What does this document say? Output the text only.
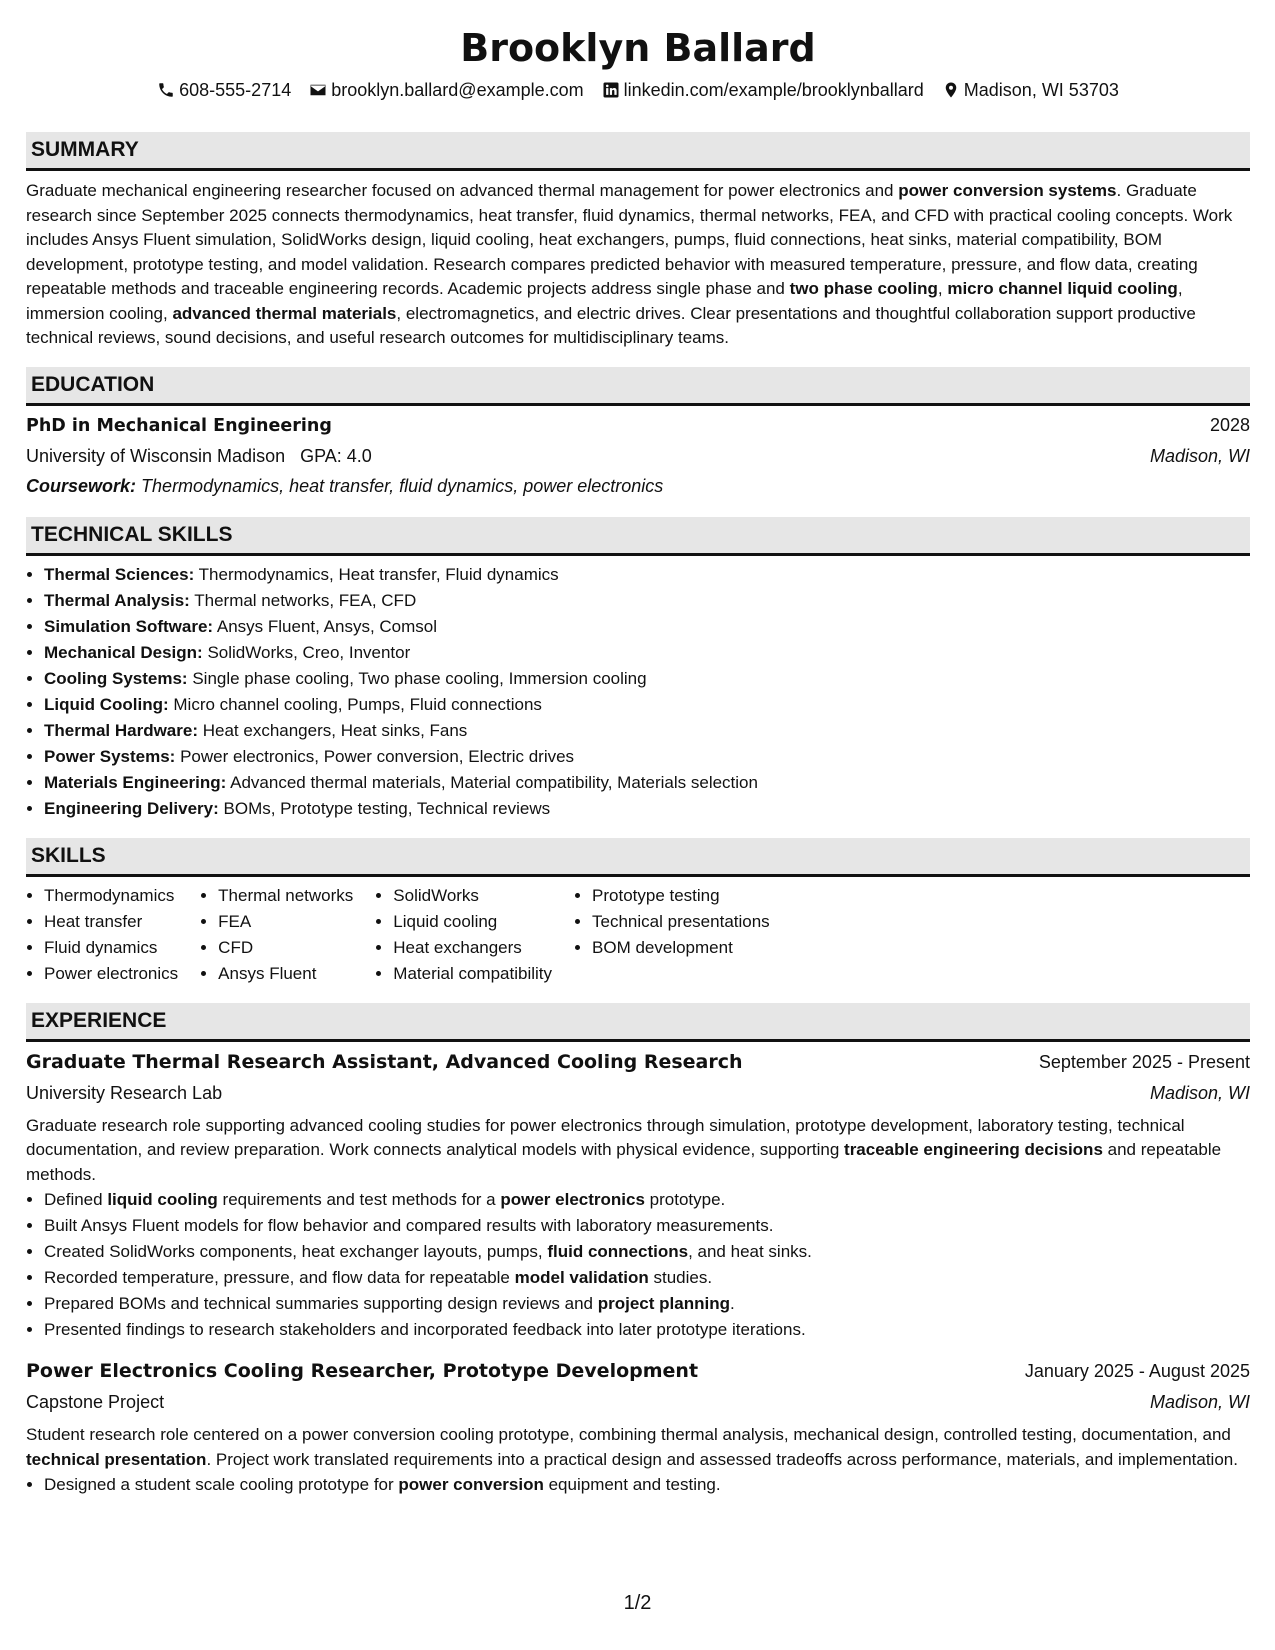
Brooklyn Ballard
608-555-2714 brooklyn.ballard@example.com linkedin.com/example/brooklynballard Madison, WI 53703
SUMMARY

Graduate mechanical engineering researcher focused on advanced thermal management for power electronics and power conversion systems. Graduate research since September 2025 connects thermodynamics, heat transfer, fluid dynamics, thermal networks, FEA, and CFD with practical cooling concepts. Work includes Ansys Fluent simulation, SolidWorks design, liquid cooling, heat exchangers, pumps, fluid connections, heat sinks, material compatibility, BOM development, prototype testing, and model validation. Research compares predicted behavior with measured temperature, pressure, and flow data, creating repeatable methods and traceable engineering records. Academic projects address single phase and two phase cooling, micro channel liquid cooling, immersion cooling, advanced thermal materials, electromagnetics, and electric drives. Clear presentations and thoughtful collaboration support productive technical reviews, sound decisions, and useful research outcomes for multidisciplinary teams.

EDUCATION
PhD in Mechanical Engineering	2028
University of Wisconsin Madison GPA: 4.0	Madison, WI
Coursework: Thermodynamics, heat transfer, fluid dynamics, power electronics
TECHNICAL SKILLS
• Thermal Sciences: Thermodynamics, Heat transfer, Fluid dynamics
• Thermal Analysis: Thermal networks, FEA, CFD
• Simulation Software: Ansys Fluent, Ansys, Comsol
• Mechanical Design: SolidWorks, Creo, Inventor
• Cooling Systems: Single phase cooling, Two phase cooling, Immersion cooling
• Liquid Cooling: Micro channel cooling, Pumps, Fluid connections
• Thermal Hardware: Heat exchangers, Heat sinks, Fans
• Power Systems: Power electronics, Power conversion, Electric drives
• Materials Engineering: Advanced thermal materials, Material compatibility, Materials selection
• Engineering Delivery: BOMs, Prototype testing, Technical reviews
SKILLS
• Thermodynamics
• Heat transfer
• Fluid dynamics
• Power electronics
• Thermal networks
• FEA
• CFD
• Ansys Fluent
• SolidWorks
• Liquid cooling
• Heat exchangers
• Material compatibility
• Prototype testing
• Technical presentations
• BOM development
EXPERIENCE
Graduate Thermal Research Assistant, Advanced Cooling Research	September 2025 - Present
University Research Lab	Madison, WI

Graduate research role supporting advanced cooling studies for power electronics through simulation, prototype development, laboratory testing, technical documentation, and review preparation. Work connects analytical models with physical evidence, supporting traceable engineering decisions and repeatable methods.

• Defined liquid cooling requirements and test methods for a power electronics prototype.
• Built Ansys Fluent models for flow behavior and compared results with laboratory measurements.
• Created SolidWorks components, heat exchanger layouts, pumps, fluid connections, and heat sinks.
• Recorded temperature, pressure, and flow data for repeatable model validation studies.
• Prepared BOMs and technical summaries supporting design reviews and project planning.
• Presented findings to research stakeholders and incorporated feedback into later prototype iterations.
Power Electronics Cooling Researcher, Prototype Development	January 2025 - August 2025
Capstone Project	Madison, WI

Student research role centered on a power conversion cooling prototype, combining thermal analysis, mechanical design, controlled testing, documentation, and technical presentation. Project work translated requirements into a practical design and assessed tradeoffs across performance, materials, and implementation.

• Designed a student scale cooling prototype for power conversion equipment and testing.
1/2
